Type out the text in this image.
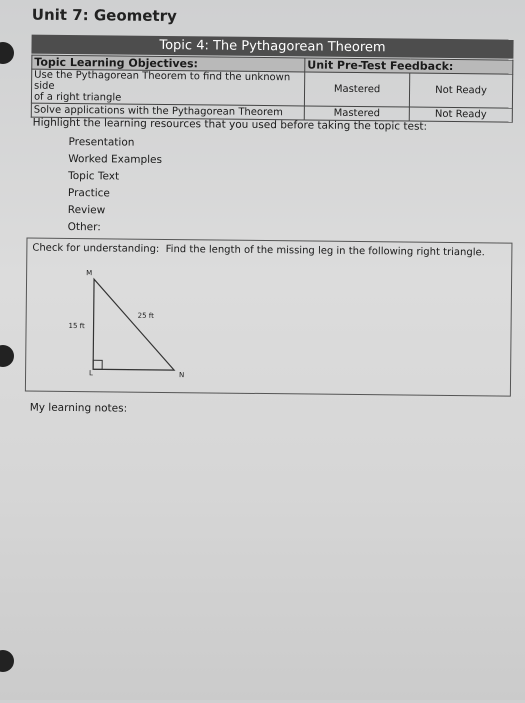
Unit 7: Geometry
Topic 4: The Pythagorean Theorem
Topic Learning Objectives:	Unit Pre-Test Feedback:	

Use the Pythagorean Theorem to find the unknown side
of a right triangle	Mastered	Not Ready
Solve applications with the Pythagorean Theorem	Mastered	Not Ready
Highlight the learning resources that you used before taking the topic test:
Presentation
Worked Examples
Topic Text
Practice
Review
Other:
Check for understanding: Find the length of the missing leg in the following right triangle.
M
L	N
15 ft
25 ft
My learning notes:
